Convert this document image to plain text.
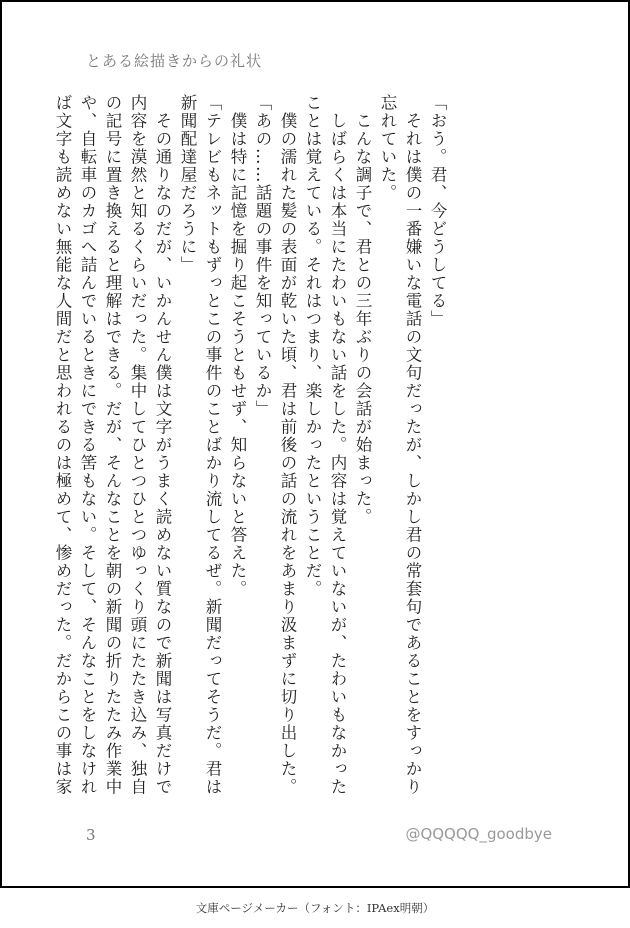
とある絵描きからの礼状
「おう。君、今どうしてる」
　それは僕の一番嫌いな電話の文句だったが、しかし君の常套句であることをすっかり
忘れていた。
　こんな調子で、君との三年ぶりの会話が始まった。
　しばらくは本当にたわいもない話をした。内容は覚えていないが、たわいもなかった
ことは覚えている。それはつまり、楽しかったということだ。
　僕の濡れた髪の表面が乾いた頃、君は前後の話の流れをあまり汲まずに切り出した。
「あの……話題の事件を知っているか」
　僕は特に記憶を掘り起こそうともせず、知らないと答えた。
「テレビもネットもずっとこの事件のことばかり流してるぜ。新聞だってそうだ。君は
新聞配達屋だろうに」
　その通りなのだが、いかんせん僕は文字がうまく読めない質なので新聞は写真だけで
内容を漠然と知るくらいだった。集中してひとつひとつゆっくり頭にたたき込み、独自
の記号に置き換えると理解はできる。だが、そんなことを朝の新聞の折りたたみ作業中
や、自転車のカゴへ詰んでいるときにできる筈もない。そして、そんなことをしなけれ
ば文字も読めない無能な人間だと思われるのは極めて、惨めだった。だからこの事は家
3	@QQQQQ_goodbye
文庫ページメーカー（フォント：IPAex明朝）
